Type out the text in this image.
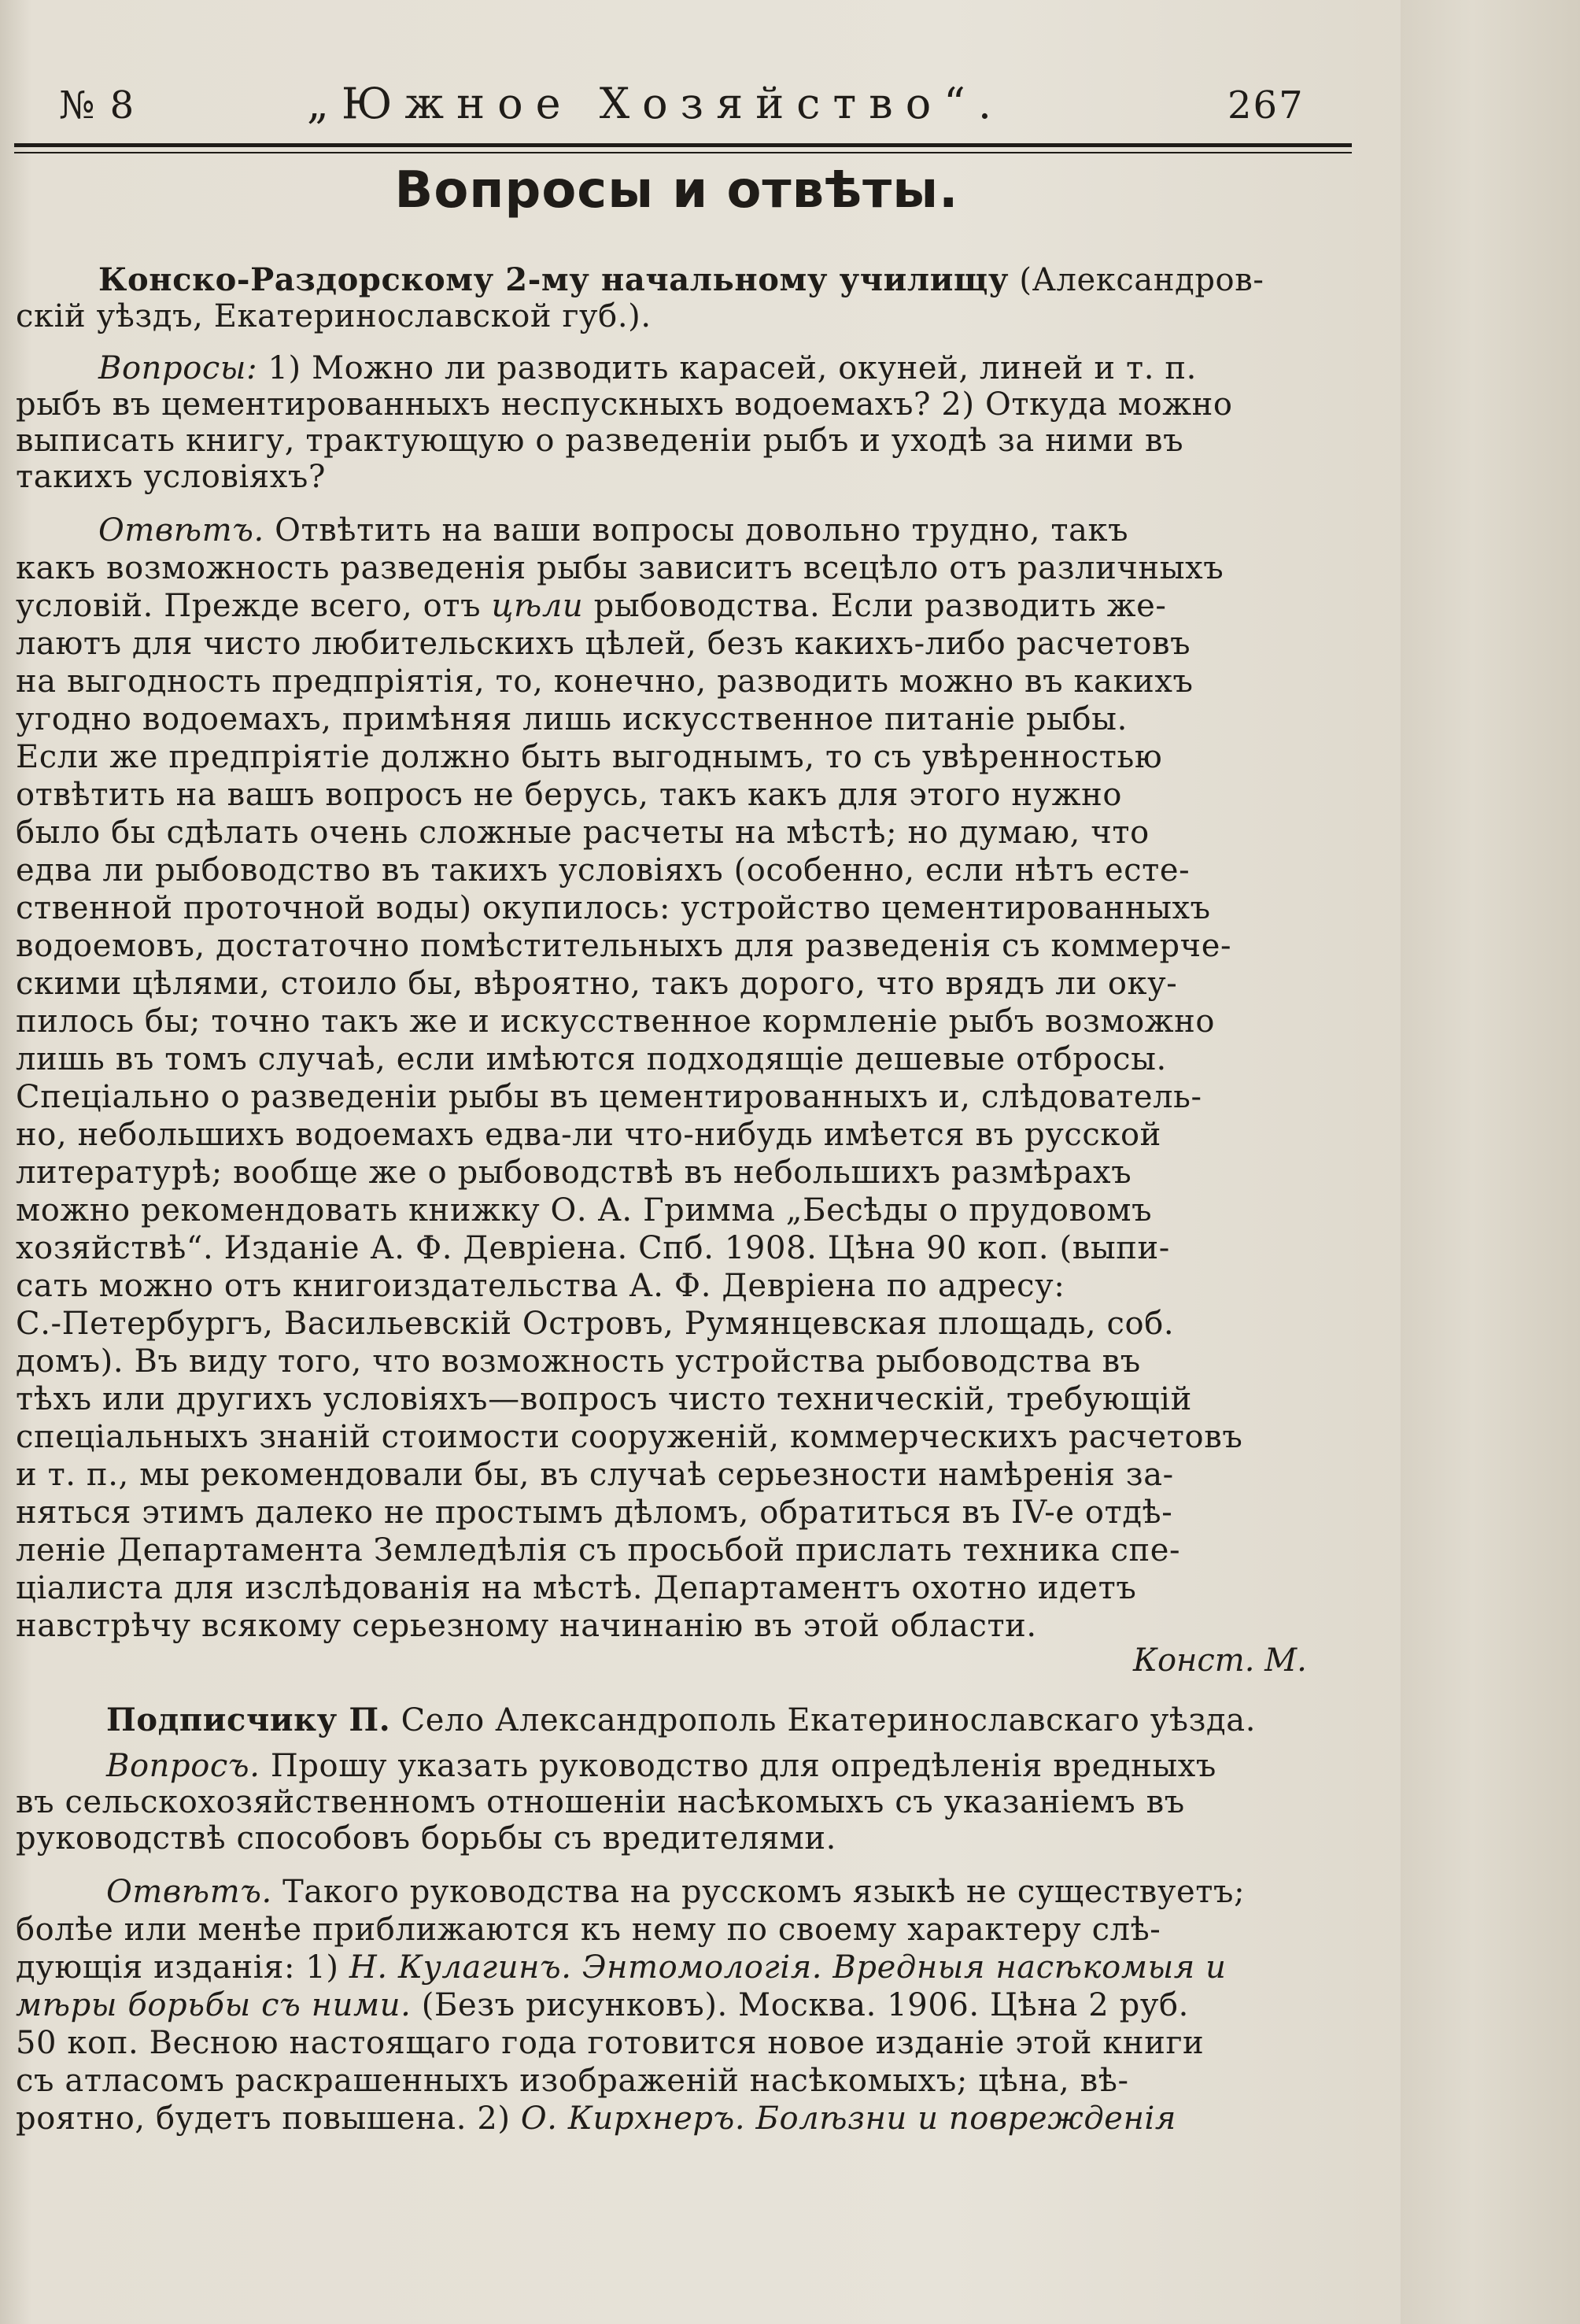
№ 8	„Южное Хозяйство“.	267
Вопросы и отвѣты.
Конско-Раздорскому 2-му начальному училищу (Александров-
скій уѣздъ, Екатеринославской губ.).
Вопросы: 1) Можно ли разводить карасей, окуней, линей и т. п.
рыбъ въ цементированныхъ неспускныхъ водоемахъ? 2) Откуда можно
выписать книгу, трактующую о разведеніи рыбъ и уходѣ за ними въ
такихъ условіяхъ?
Отвѣтъ. Отвѣтить на ваши вопросы довольно трудно, такъ
какъ возможность разведенія рыбы зависитъ всецѣло отъ различныхъ
условій. Прежде всего, отъ цѣли рыбоводства. Если разводить же-
лаютъ для чисто любительскихъ цѣлей, безъ какихъ-либо расчетовъ
на выгодность предпріятія, то, конечно, разводить можно въ какихъ
угодно водоемахъ, примѣняя лишь искусственное питаніе рыбы.
Если же предпріятіе должно быть выгоднымъ, то съ увѣренностью
отвѣтить на вашъ вопросъ не берусь, такъ какъ для этого нужно
было бы сдѣлать очень сложные расчеты на мѣстѣ; но думаю, что
едва ли рыбоводство въ такихъ условіяхъ (особенно, если нѣтъ есте-
ственной проточной воды) окупилось: устройство цементированныхъ
водоемовъ, достаточно помѣстительныхъ для разведенія съ коммерче-
скими цѣлями, стоило бы, вѣроятно, такъ дорого, что врядъ ли оку-
пилось бы; точно такъ же и искусственное кормленіе рыбъ возможно
лишь въ томъ случаѣ, если имѣются подходящіе дешевые отбросы.
Спеціально о разведеніи рыбы въ цементированныхъ и, слѣдователь-
но, небольшихъ водоемахъ едва-ли что-нибудь имѣется въ русской
литературѣ; вообще же о рыбоводствѣ въ небольшихъ размѣрахъ
можно рекомендовать книжку О. А. Гримма „Бесѣды о прудовомъ
хозяйствѣ“. Изданіе А. Ф. Девріена. Спб. 1908. Цѣна 90 коп. (выпи-
сать можно отъ книгоиздательства А. Ф. Девріена по адресу:
С.-Петербургъ, Васильевскій Островъ, Румянцевская площадь, соб.
домъ). Въ виду того, что возможность устройства рыбоводства въ
тѣхъ или другихъ условіяхъ—вопросъ чисто техническій, требующій
спеціальныхъ знаній стоимости сооруженій, коммерческихъ расчетовъ
и т. п., мы рекомендовали бы, въ случаѣ серьезности намѣренія за-
няться этимъ далеко не простымъ дѣломъ, обратиться въ IV-е отдѣ-
леніе Департамента Земледѣлія съ просьбой прислать техника спе-
ціалиста для изслѣдованія на мѣстѣ. Департаментъ охотно идетъ
навстрѣчу всякому серьезному начинанію въ этой области.
Конст. М.
Подписчику П. Село Александрополь Екатеринославскаго уѣзда.
Вопросъ. Прошу указать руководство для опредѣленія вредныхъ
въ сельскохозяйственномъ отношеніи насѣкомыхъ съ указаніемъ въ
руководствѣ способовъ борьбы съ вредителями.
Отвѣтъ. Такого руководства на русскомъ языкѣ не существуетъ;
болѣе или менѣе приближаются къ нему по своему характеру слѣ-
дующія изданія: 1) Н. Кулагинъ. Энтомологія. Вредныя насѣкомыя и
мѣры борьбы съ ними. (Безъ рисунковъ). Москва. 1906. Цѣна 2 руб.
50 коп. Весною настоящаго года готовится новое изданіе этой книги
съ атласомъ раскрашенныхъ изображеній насѣкомыхъ; цѣна, вѣ-
роятно, будетъ повышена. 2) О. Кирхнеръ. Болѣзни и поврежденія
